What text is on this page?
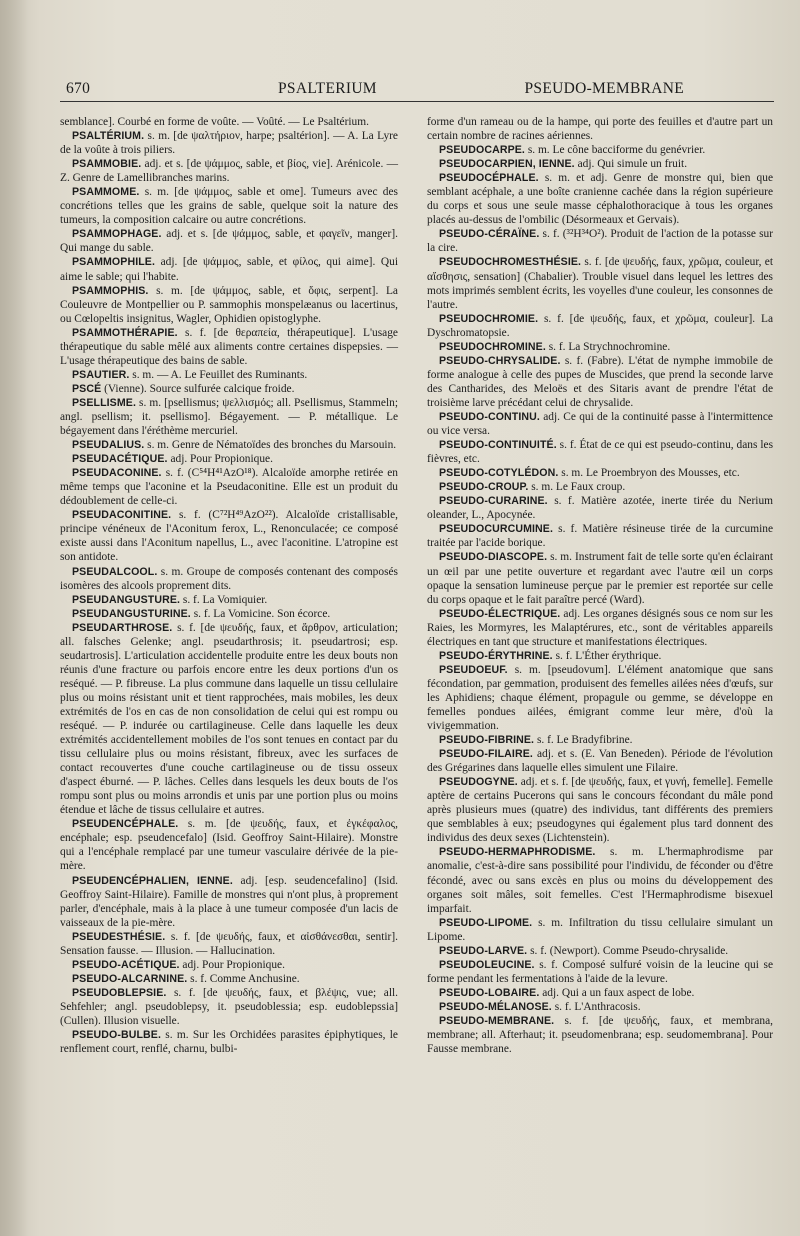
670	PSALTERIUM	PSEUDO-MEMBRANE

semblance]. Courbé en forme de voûte. — Voûté. — Le Psaltérium.

PSALTÉRIUM. s. m. [de ψαλτήριον, harpe; psaltérion]. — A. La Lyre de la voûte à trois piliers.

PSAMMOBIE. adj. et s. [de ψάμμος, sable, et βίος, vie]. Arénicole. — Z. Genre de Lamellibranches marins.

PSAMMOME. s. m. [de ψάμμος, sable et ome]. Tumeurs avec des concrétions telles que les grains de sable, quelque soit la nature des tumeurs, la composition calcaire ou autre concrétions.

PSAMMOPHAGE. adj. et s. [de ψάμμος, sable, et φαγεῖν, manger]. Qui mange du sable.

PSAMMOPHILE. adj. [de ψάμμος, sable, et φίλος, qui aime]. Qui aime le sable; qui l'habite.

PSAMMOPHIS. s. m. [de ψάμμος, sable, et ὄφις, serpent]. La Couleuvre de Montpellier ou P. sammophis monspelæanus ou lacertinus, ou Cœlopeltis insignitus, Wagler, Ophidien opistoglyphe.

PSAMMOTHÉRAPIE. s. f. [de θεραπεία, thérapeutique]. L'usage thérapeutique du sable mêlé aux aliments contre certaines dispepsies. — L'usage thérapeutique des bains de sable.

PSAUTIER. s. m. — A. Le Feuillet des Ruminants.

PSCÉ (Vienne). Source sulfurée calcique froide.

PSELLISME. s. m. [psellismus; ψελλισμός; all. Psellismus, Stammeln; angl. psellism; it. psellismo]. Bégayement. — P. métallique. Le bégayement dans l'éréthème mercuriel.

PSEUDALIUS. s. m. Genre de Nématoïdes des bronches du Marsouin.

PSEUDACÉTIQUE. adj. Pour Propionique.

PSEUDACONINE. s. f. (C⁵⁴H⁴¹AzO¹⁸). Alcaloïde amorphe retirée en même temps que l'aconine et la Pseudaconitine. Elle est un produit du dédoublement de celle-ci.

PSEUDACONITINE. s. f. (C⁷²H⁴⁹AzO²²). Alcaloïde cristallisable, principe vénéneux de l'Aconitum ferox, L., Renonculacée; ce composé existe aussi dans l'Aconitum napellus, L., avec l'aconitine. L'atropine est son antidote.

PSEUDALCOOL. s. m. Groupe de composés contenant des composés isomères des alcools proprement dits.

PSEUDANGUSTURE. s. f. La Vomiquier.

PSEUDANGUSTURINE. s. f. La Vomicine. Son écorce.

PSEUDARTHROSE. s. f. [de ψευδής, faux, et ἄρθρον, articulation; all. falsches Gelenke; angl. pseudarthrosis; it. pseudartrosi; esp. seudartrosis]. L'articulation accidentelle produite entre les deux bouts non réunis d'une fracture ou parfois encore entre les deux portions d'un os reséqué. — P. fibreuse. La plus commune dans laquelle un tissu cellulaire plus ou moins résistant unit et tient rapprochées, mais mobiles, les deux extrémités de l'os en cas de non consolidation de celui qui est rompu ou reséqué. — P. indurée ou cartilagineuse. Celle dans laquelle les deux extrémités accidentellement mobiles de l'os sont tenues en contact par du tissu cellulaire plus ou moins résistant, fibreux, avec les surfaces de contact recouvertes d'une couche cartilagineuse ou de tissu osseux d'aspect éburné. — P. lâches. Celles dans lesquels les deux bouts de l'os rompu sont plus ou moins arrondis et unis par une portion plus ou moins étendue et lâche de tissus cellulaire et autres.

PSEUDENCÉPHALE. s. m. [de ψευδής, faux, et ἐγκέφαλος, encéphale; esp. pseudencefalo] (Isid. Geoffroy Saint-Hilaire). Monstre qui a l'encéphale remplacé par une tumeur vasculaire dérivée de la pie-mère.

PSEUDENCÉPHALIEN, IENNE. adj. [esp. seudencefalino] (Isid. Geoffroy Saint-Hilaire). Famille de monstres qui n'ont plus, à proprement parler, d'encéphale, mais à la place à une tumeur composée d'un lacis de vaisseaux de la pie-mère.

PSEUDESTHÉSIE. s. f. [de ψευδής, faux, et αἰσθάνεσθαι, sentir]. Sensation fausse. — Illusion. — Hallucination.

PSEUDO-ACÉTIQUE. adj. Pour Propionique.

PSEUDO-ALCARNINE. s. f. Comme Anchusine.

PSEUDOBLEPSIE. s. f. [de ψευδής, faux, et βλέψις, vue; all. Sehfehler; angl. pseudoblepsy, it. pseudoblessia; esp. eudoblepssia] (Cullen). Illusion visuelle.

PSEUDO-BULBE. s. m. Sur les Orchidées parasites épiphytiques, le renflement court, renflé, charnu, bulbi-

forme d'un rameau ou de la hampe, qui porte des feuilles et d'autre part un certain nombre de racines aériennes.

PSEUDOCARPE. s. m. Le cône bacciforme du genévrier.

PSEUDOCARPIEN, IENNE. adj. Qui simule un fruit.

PSEUDOCÉPHALE. s. m. et adj. Genre de monstre qui, bien que semblant acéphale, a une boîte cranienne cachée dans la région supérieure du corps et sous une seule masse céphalothoracique à tous les organes placés au-dessus de l'ombilic (Désormeaux et Gervais).

PSEUDO-CÉRAÏNE. s. f. (³²H³⁴O²). Produit de l'action de la potasse sur la cire.

PSEUDOCHROMESTHÉSIE. s. f. [de ψευδής, faux, χρῶμα, couleur, et αἴσθησις, sensation] (Chabalier). Trouble visuel dans lequel les lettres des mots imprimés semblent écrits, les voyelles d'une couleur, les consonnes de l'autre.

PSEUDOCHROMIE. s. f. [de ψευδής, faux, et χρῶμα, couleur]. La Dyschromatopsie.

PSEUDOCHROMINE. s. f. La Strychnochromine.

PSEUDO-CHRYSALIDE. s. f. (Fabre). L'état de nymphe immobile de forme analogue à celle des pupes de Muscides, que prend la seconde larve des Cantharides, des Meloës et des Sitaris avant de prendre l'état de troisième larve précédant celui de chrysalide.

PSEUDO-CONTINU. adj. Ce qui de la continuité passe à l'intermittence ou vice versa.

PSEUDO-CONTINUITÉ. s. f. État de ce qui est pseudo-continu, dans les fièvres, etc.

PSEUDO-COTYLÉDON. s. m. Le Proembryon des Mousses, etc.

PSEUDO-CROUP. s. m. Le Faux croup.

PSEUDO-CURARINE. s. f. Matière azotée, inerte tirée du Nerium oleander, L., Apocynée.

PSEUDOCURCUMINE. s. f. Matière résineuse tirée de la curcumine traitée par l'acide borique.

PSEUDO-DIASCOPE. s. m. Instrument fait de telle sorte qu'en éclairant un œil par une petite ouverture et regardant avec l'autre œil un corps opaque la sensation lumineuse perçue par le premier est reportée sur celle du corps opaque et le fait paraître percé (Ward).

PSEUDO-ÉLECTRIQUE. adj. Les organes désignés sous ce nom sur les Raies, les Mormyres, les Malaptérures, etc., sont de véritables appareils électriques en tant que structure et manifestations électriques.

PSEUDO-ÉRYTHRINE. s. f. L'Éther érythrique.

PSEUDOEUF. s. m. [pseudovum]. L'élément anatomique que sans fécondation, par gemmation, produisent des femelles ailées nées d'œufs, sur les Aphidiens; chaque élément, propagule ou gemme, se développe en femelles pondues ailées, émigrant comme leur mère, d'où la vivigemmation.

PSEUDO-FIBRINE. s. f. Le Bradyfibrine.

PSEUDO-FILAIRE. adj. et s. (E. Van Beneden). Période de l'évolution des Grégarines dans laquelle elles simulent une Filaire.

PSEUDOGYNE. adj. et s. f. [de ψευδής, faux, et γυνή, femelle]. Femelle aptère de certains Pucerons qui sans le concours fécondant du mâle pond après plusieurs mues (quatre) des individus, tant différents des premiers que semblables à eux; pseudogynes qui également plus tard donnent des individus des deux sexes (Lichtenstein).

PSEUDO-HERMAPHRODISME. s. m. L'hermaphrodisme par anomalie, c'est-à-dire sans possibilité pour l'individu, de féconder ou d'être fécondé, avec ou sans excès en plus ou moins du développement des organes soit mâles, soit femelles. C'est l'Hermaphrodisme bisexuel imparfait.

PSEUDO-LIPOME. s. m. Infiltration du tissu cellulaire simulant un Lipome.

PSEUDO-LARVE. s. f. (Newport). Comme Pseudo-chrysalide.

PSEUDOLEUCINE. s. f. Composé sulfuré voisin de la leucine qui se forme pendant les fermentations à l'aide de la levure.

PSEUDO-LOBAIRE. adj. Qui a un faux aspect de lobe.

PSEUDO-MÉLANOSE. s. f. L'Anthracosis.

PSEUDO-MEMBRANE. s. f. [de ψευδής, faux, et membrana, membrane; all. Afterhaut; it. pseudomenbrana; esp. seudomembrana]. Pour Fausse membrane.
